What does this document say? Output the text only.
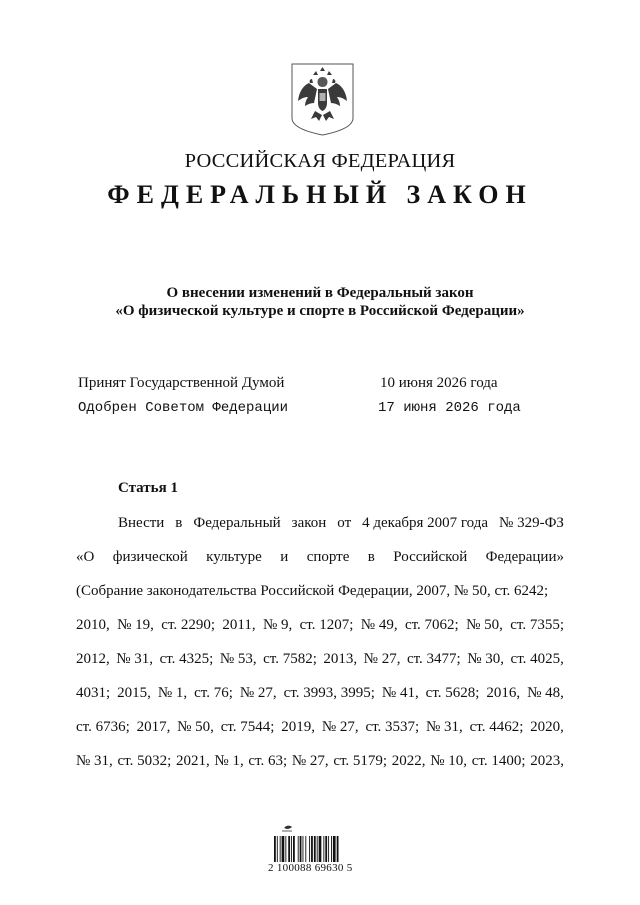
РОССИЙСКАЯ ФЕДЕРАЦИЯ
ФЕДЕРАЛЬНЫЙ ЗАКОН
О внесении изменений в Федеральный закон
«О физической культуре и спорте в Российской Федерации»
Принят Государственной Думой	10 июня 2026 года
Одобрен Советом Федерации	17 июня 2026 года
Статья 1
Внести в Федеральный закон от 4 декабря 2007 года № 329-ФЗ
«О физической культуре и спорте в Российской Федерации»
(Собрание законодательства Российской Федерации, 2007, № 50, ст. 6242;
2010, № 19, ст. 2290; 2011, № 9, ст. 1207; № 49, ст. 7062; № 50, ст. 7355;
2012, № 31, ст. 4325; № 53, ст. 7582; 2013, № 27, ст. 3477; № 30, ст. 4025,
4031; 2015, № 1, ст. 76; № 27, ст. 3993, 3995; № 41, ст. 5628; 2016, № 48,
ст. 6736; 2017, № 50, ст. 7544; 2019, № 27, ст. 3537; № 31, ст. 4462; 2020,
№ 31, ст. 5032; 2021, № 1, ст. 63; № 27, ст. 5179; 2022, № 10, ст. 1400; 2023,
2 100088 69630 5
